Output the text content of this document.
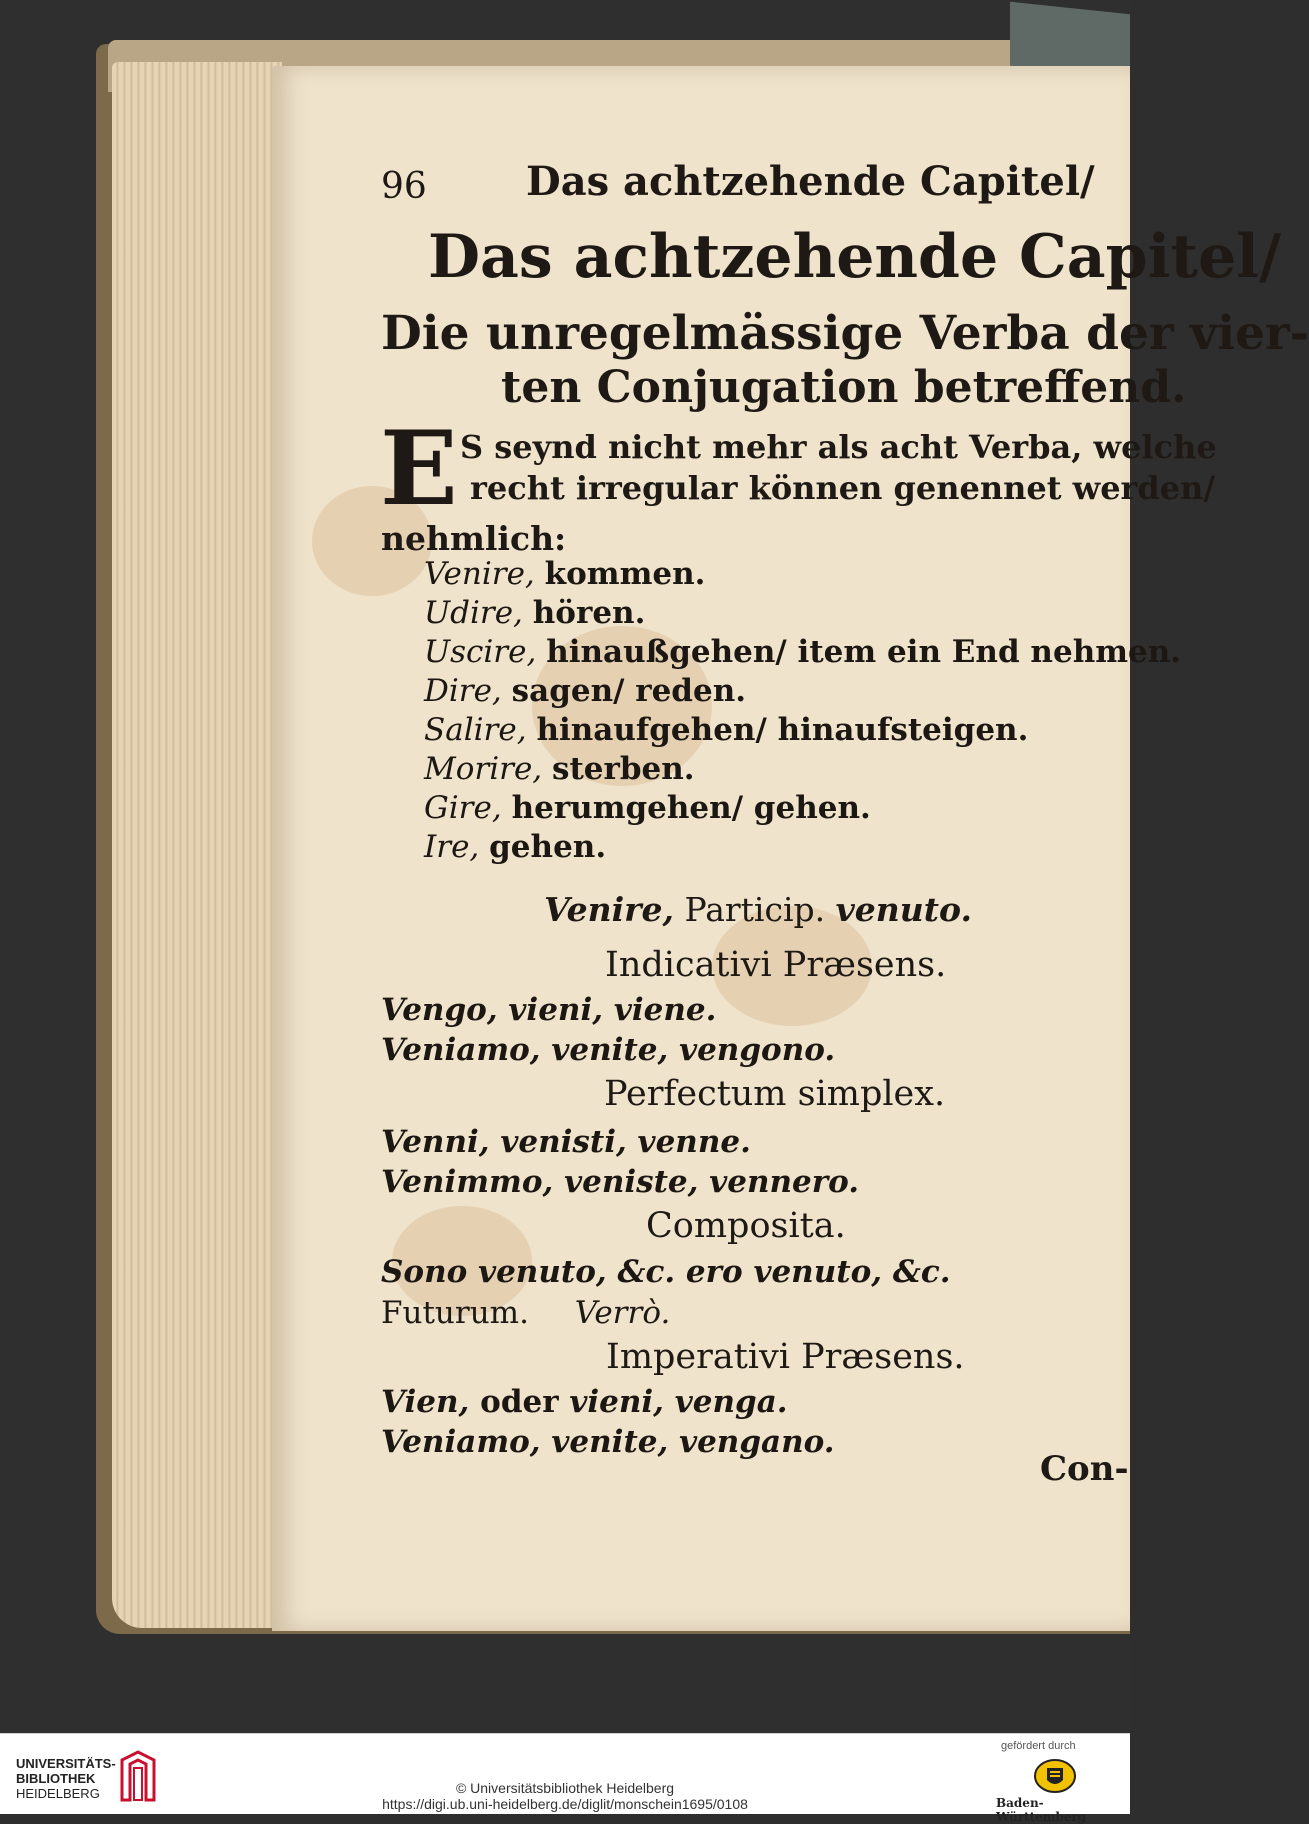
96 Das achtzehende Capitel/
Das achtzehende Capitel/
Die unregelmässige Verba der vier-
ten Conjugation betreffend.
E S seynd nicht mehr als acht Verba, welche
recht irregular können genennet werden/
nehmlich:
Venire, kommen.
Udire, hören.
Uscire, hinaußgehen/ item ein End nehmen.
Dire, sagen/ reden.
Salire, hinaufgehen/ hinaufsteigen.
Morire, sterben.
Gire, herumgehen/ gehen.
Ire, gehen.
Venire, Particip. venuto.
Indicativi Præsens.
Vengo, vieni, viene.
Veniamo, venite, vengono.
Perfectum simplex.
Venni, venisti, venne.
Venimmo, veniste, vennero.
Composita.
Sono venuto, &c. ero venuto, &c.
Futurum. Verrò.
Imperativi Præsens.
Vien, oder vieni, venga.
Veniamo, venite, vengano.
Con-
UNIVERSITÄTS-
BIBLIOTHEK
HEIDELBERG	© Universitätsbibliothek Heidelberg
https://digi.ub.uni-heidelberg.de/diglit/monschein1695/0108
gefördert durch
Baden-Württemberg
